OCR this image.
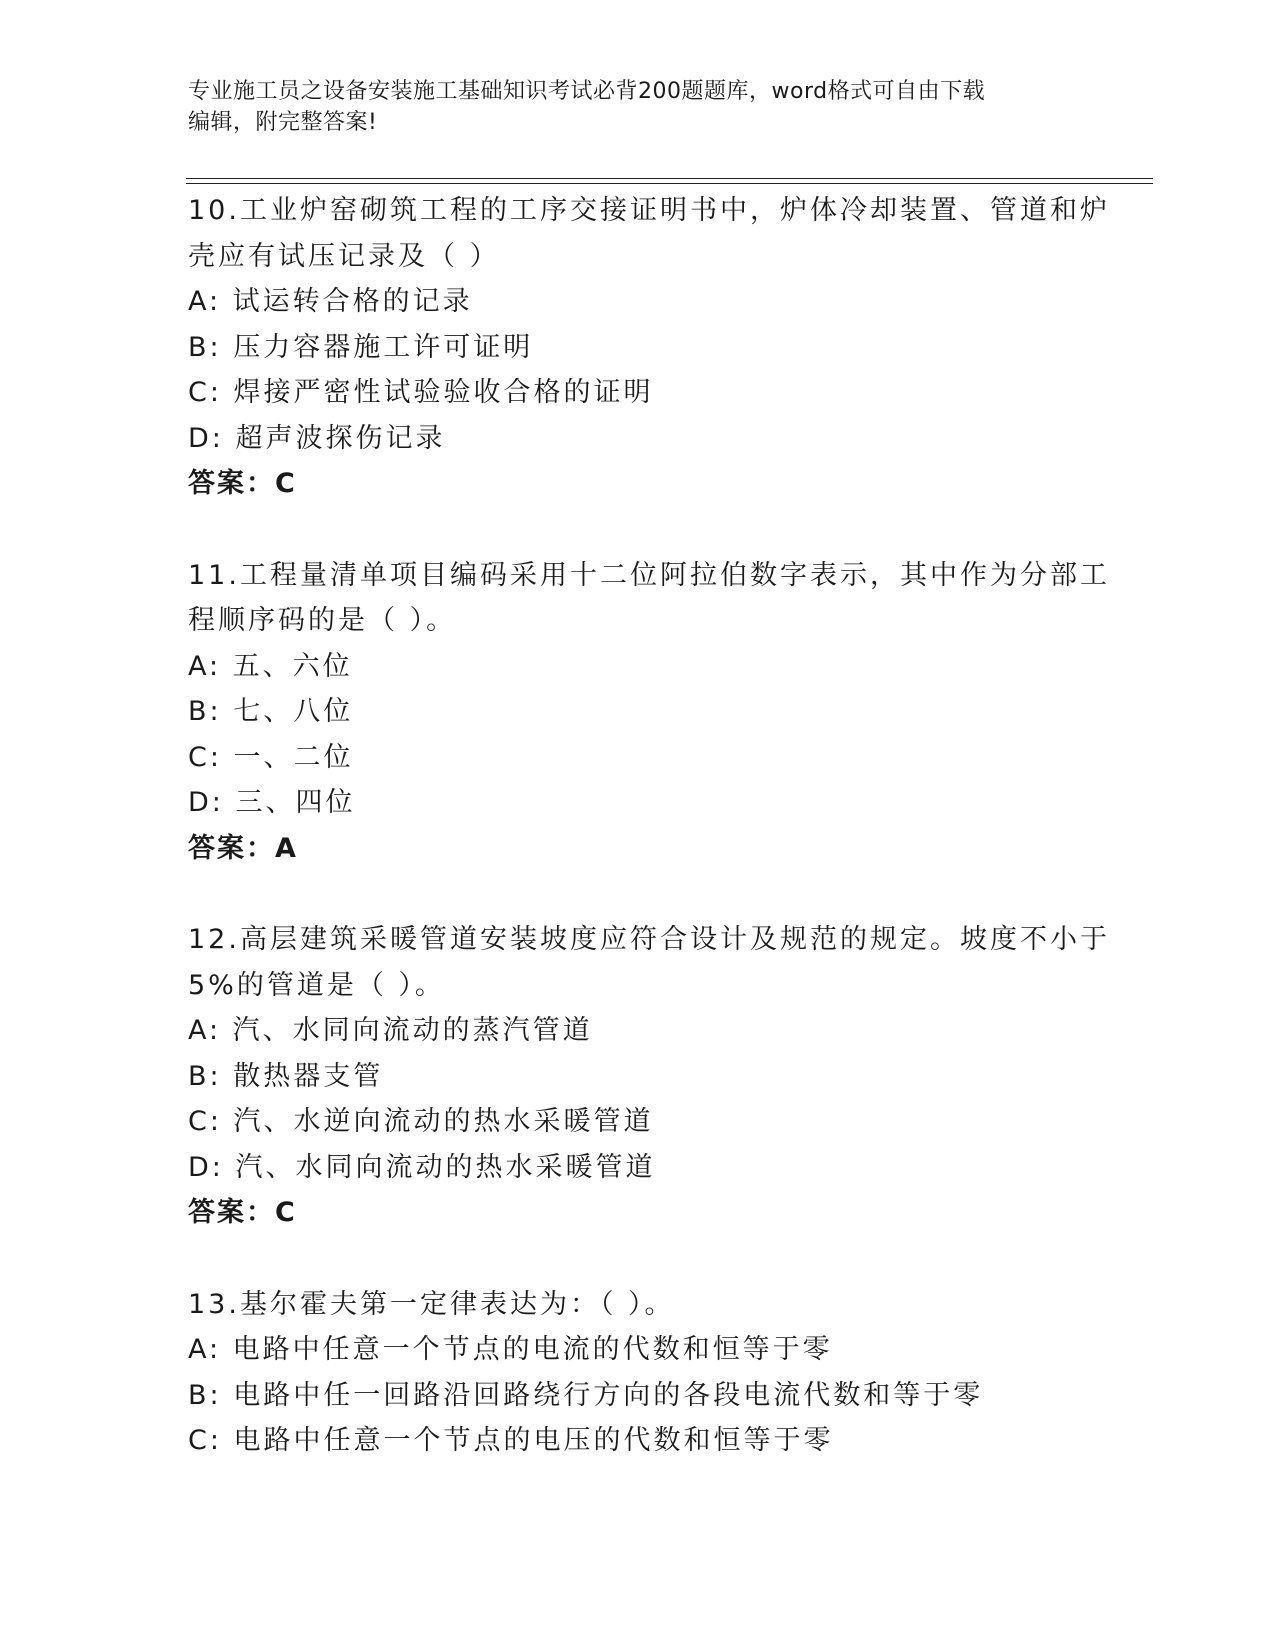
专业施工员之设备安装施工基础知识考试必背200题题库，word格式可自由下载
编辑，附完整答案!
10.工业炉窑砌筑工程的工序交接证明书中，炉体冷却装置、管道和炉
壳应有试压记录及（ ）
A: 试运转合格的记录
B: 压力容器施工许可证明
C: 焊接严密性试验验收合格的证明
D: 超声波探伤记录
答案：C
11.工程量清单项目编码采用十二位阿拉伯数字表示，其中作为分部工
程顺序码的是（ ）。
A: 五、六位
B: 七、八位
C: 一、二位
D: 三、四位
答案：A
12.高层建筑采暖管道安装坡度应符合设计及规范的规定。坡度不小于
5%的管道是（ ）。
A: 汽、水同向流动的蒸汽管道
B: 散热器支管
C: 汽、水逆向流动的热水采暖管道
D: 汽、水同向流动的热水采暖管道
答案：C
13.基尔霍夫第一定律表达为：（ ）。
A: 电路中任意一个节点的电流的代数和恒等于零
B: 电路中任一回路沿回路绕行方向的各段电流代数和等于零
C: 电路中任意一个节点的电压的代数和恒等于零
